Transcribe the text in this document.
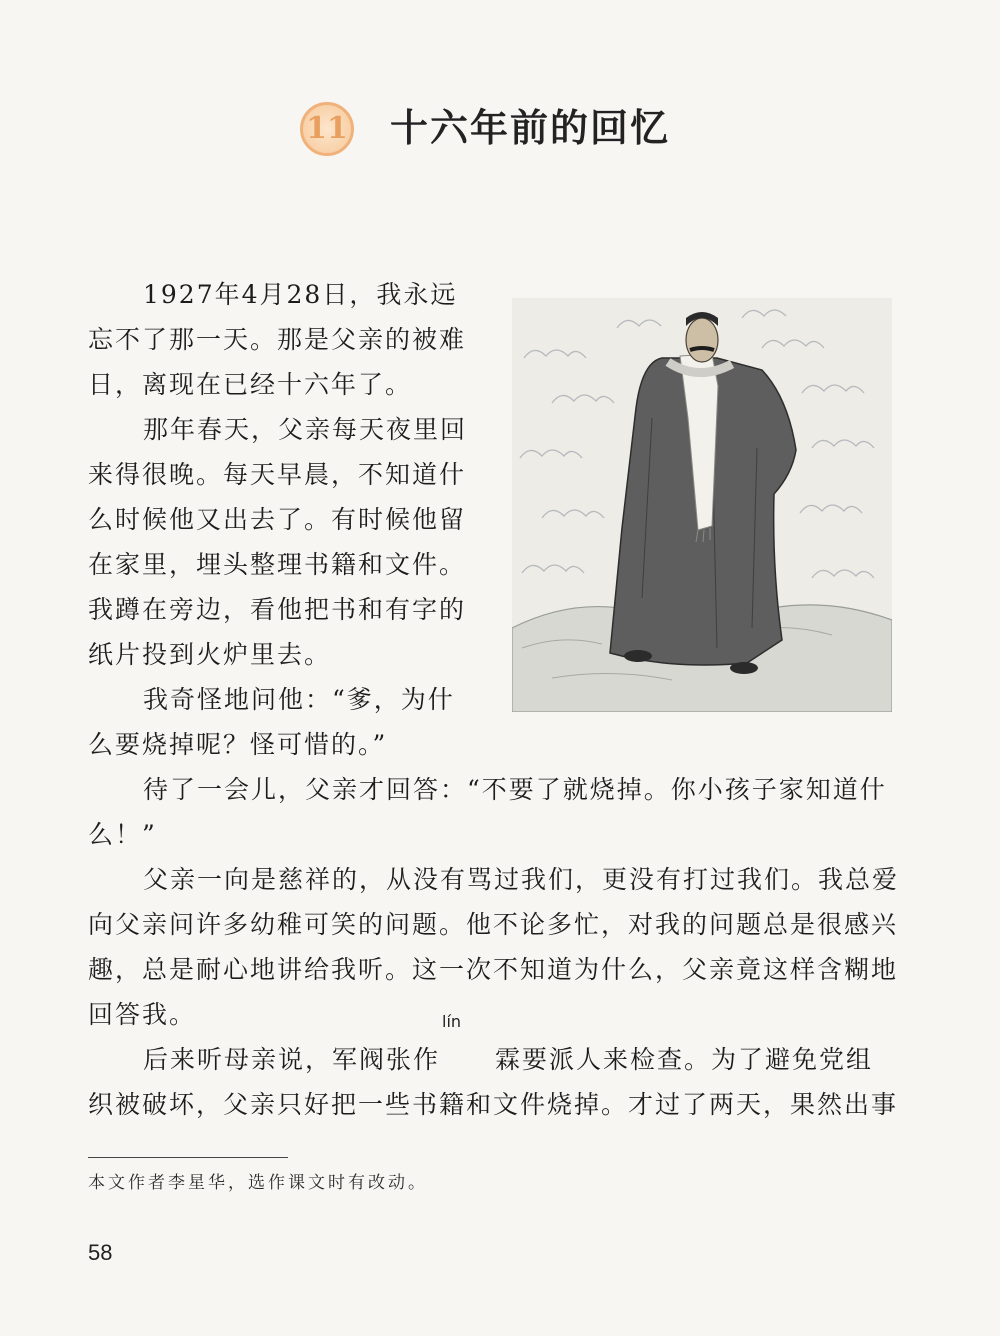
11 十六年前的回忆

1927年4月28日，我永远忘不了那一天。那是父亲的被难日，离现在已经十六年了。

那年春天，父亲每天夜里回来得很晚。每天早晨，不知道什么时候他又出去了。有时候他留在家里，埋头整理书籍和文件。我蹲在旁边，看他把书和有字的纸片投到火炉里去。

我奇怪地问他：“爹，为什么要烧掉呢？怪可惜的。”

待了一会儿，父亲才回答：“不要了就烧掉。你小孩子家知道什么！”

父亲一向是慈祥的，从没有骂过我们，更没有打过我们。我总爱向父亲问许多幼稚可笑的问题。他不论多忙，对我的问题总是很感兴趣，总是耐心地讲给我听。这一次不知道为什么，父亲竟这样含糊地回答我。

后来听母亲说，军阀张作
lín
霖要派人来检查。为了避免党组织被破坏，父亲只好把一些书籍和文件烧掉。才过了两天，果然出事

本文作者李星华，选作课文时有改动。
58
